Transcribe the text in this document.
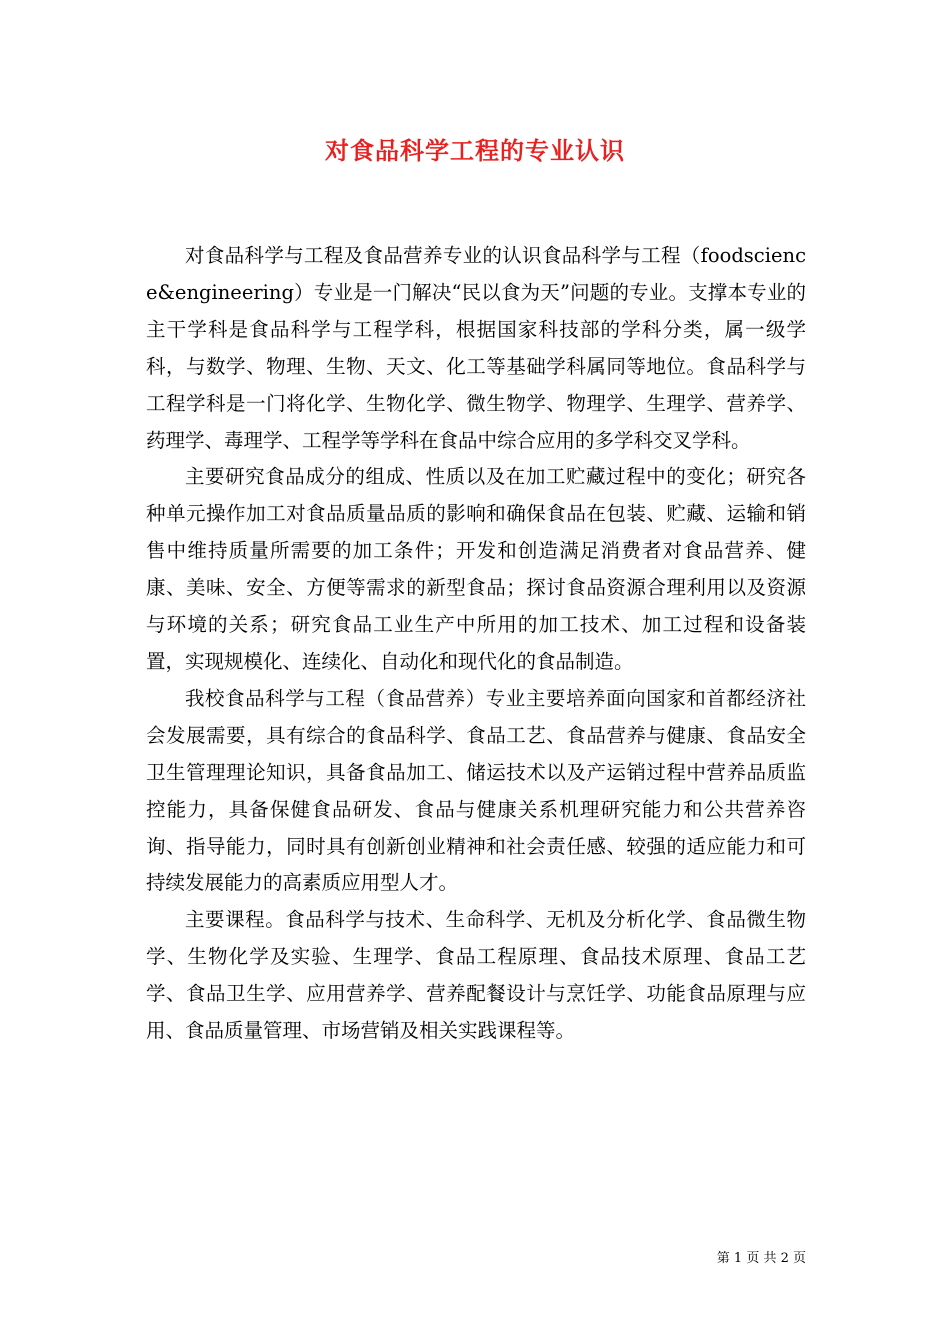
对食品科学工程的专业认识

对食品科学与工程及食品营养专业的认识食品科学与工程（foodscience&engineering）专业是一门解决“民以食为天”问题的专业。支撑本专业的主干学科是食品科学与工程学科，根据国家科技部的学科分类，属一级学科，与数学、物理、生物、天文、化工等基础学科属同等地位。食品科学与工程学科是一门将化学、生物化学、微生物学、物理学、生理学、营养学、药理学、毒理学、工程学等学科在食品中综合应用的多学科交叉学科。

主要研究食品成分的组成、性质以及在加工贮藏过程中的变化；研究各种单元操作加工对食品质量品质的影响和确保食品在包装、贮藏、运输和销售中维持质量所需要的加工条件；开发和创造满足消费者对食品营养、健康、美味、安全、方便等需求的新型食品；探讨食品资源合理利用以及资源与环境的关系；研究食品工业生产中所用的加工技术、加工过程和设备装置，实现规模化、连续化、自动化和现代化的食品制造。

我校食品科学与工程（食品营养）专业主要培养面向国家和首都经济社会发展需要，具有综合的食品科学、食品工艺、食品营养与健康、食品安全卫生管理理论知识，具备食品加工、储运技术以及产运销过程中营养品质监控能力，具备保健食品研发、食品与健康关系机理研究能力和公共营养咨询、指导能力，同时具有创新创业精神和社会责任感、较强的适应能力和可持续发展能力的高素质应用型人才。

主要课程。食品科学与技术、生命科学、无机及分析化学、食品微生物学、生物化学及实验、生理学、食品工程原理、食品技术原理、食品工艺学、食品卫生学、应用营养学、营养配餐设计与烹饪学、功能食品原理与应用、食品质量管理、市场营销及相关实践课程等。

第 1 页 共 2 页
